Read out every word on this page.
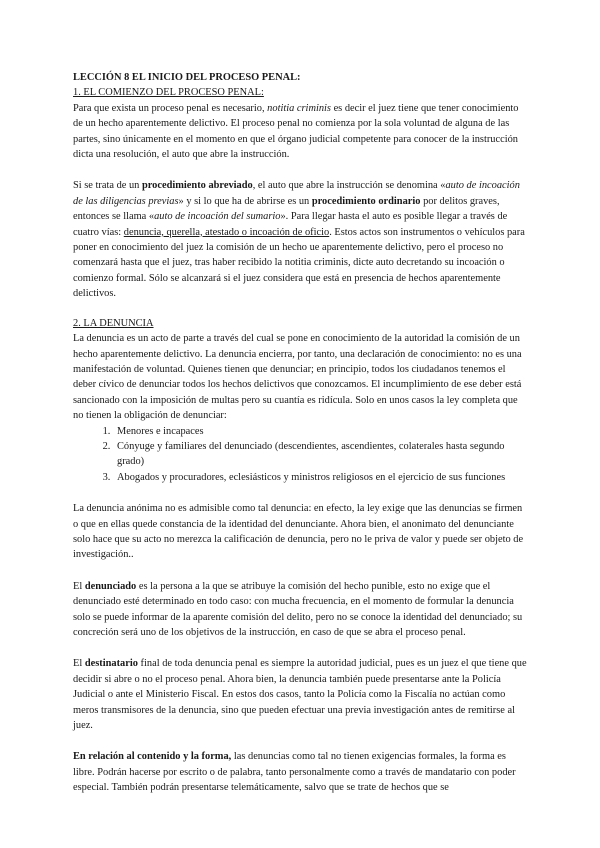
LECCIÓN 8 EL INICIO DEL PROCESO PENAL:

1. EL COMIENZO DEL PROCESO PENAL:

Para que exista un proceso penal es necesario, notitia criminis es decir el juez tiene que tener conocimiento de un hecho aparentemente delictivo. El proceso penal no comienza por la sola voluntad de alguna de las partes, sino únicamente en el momento en que el órgano judicial competente para conocer de la instrucción dicta una resolución, el auto que abre la instrucción.

Si se trata de un procedimiento abreviado, el auto que abre la instrucción se denomina «auto de incoación de las diligencias previas» y si lo que ha de abrirse es un procedimiento ordinario por delitos graves, entonces se llama «auto de incoación del sumario». Para llegar hasta el auto es posible llegar a través de cuatro vías: denuncia, querella, atestado o incoación de oficio. Estos actos son instrumentos o vehículos para poner en conocimiento del juez la comisión de un hecho ue aparentemente delictivo, pero el proceso no comenzará hasta que el juez, tras haber recibido la notitia criminis, dicte auto decretando su incoación o comienzo formal. Sólo se alcanzará si el juez considera que está en presencia de hechos aparentemente delictivos.

2. LA DENUNCIA

La denuncia es un acto de parte a través del cual se pone en conocimiento de la autoridad la comisión de un hecho aparentemente delictivo. La denuncia encierra, por tanto, una declaración de conocimiento: no es una manifestación de voluntad. Quienes tienen que denunciar; en principio, todos los ciudadanos tenemos el deber cívico de denunciar todos los hechos delictivos que conozcamos. El incumplimiento de ese deber está sancionado con la imposición de multas pero su cuantía es ridícula. Solo en unos casos la ley completa que no tienen la obligación de denunciar:

1. Menores e incapaces
2. Cónyuge y familiares del denunciado (descendientes, ascendientes, colaterales hasta segundo grado)
3. Abogados y procuradores, eclesiásticos y ministros religiosos en el ejercicio de sus funciones

La denuncia anónima no es admisible como tal denuncia: en efecto, la ley exige que las denuncias se firmen o que en ellas quede constancia de la identidad del denunciante. Ahora bien, el anonimato del denunciante solo hace que su acto no merezca la calificación de denuncia, pero no le priva de valor y puede ser objeto de investigación..

El denunciado es la persona a la que se atribuye la comisión del hecho punible, esto no exige que el denunciado esté determinado en todo caso: con mucha frecuencia, en el momento de formular la denuncia solo se puede informar de la aparente comisión del delito, pero no se conoce la identidad del denunciado; su concreción será uno de los objetivos de la instrucción, en caso de que se abra el proceso penal.

El destinatario final de toda denuncia penal es siempre la autoridad judicial, pues es un juez el que tiene que decidir si abre o no el proceso penal. Ahora bien, la denuncia también puede presentarse ante la Policía Judicial o ante el Ministerio Fiscal. En estos dos casos, tanto la Policía como la Fiscalía no actúan como meros transmisores de la denuncia, sino que pueden efectuar una previa investigación antes de remitirse al juez.

En relación al contenido y la forma, las denuncias como tal no tienen exigencias formales, la forma es libre. Podrán hacerse por escrito o de palabra, tanto personalmente como a través de mandatario con poder especial. También podrán presentarse telemáticamente, salvo que se trate de hechos que se
